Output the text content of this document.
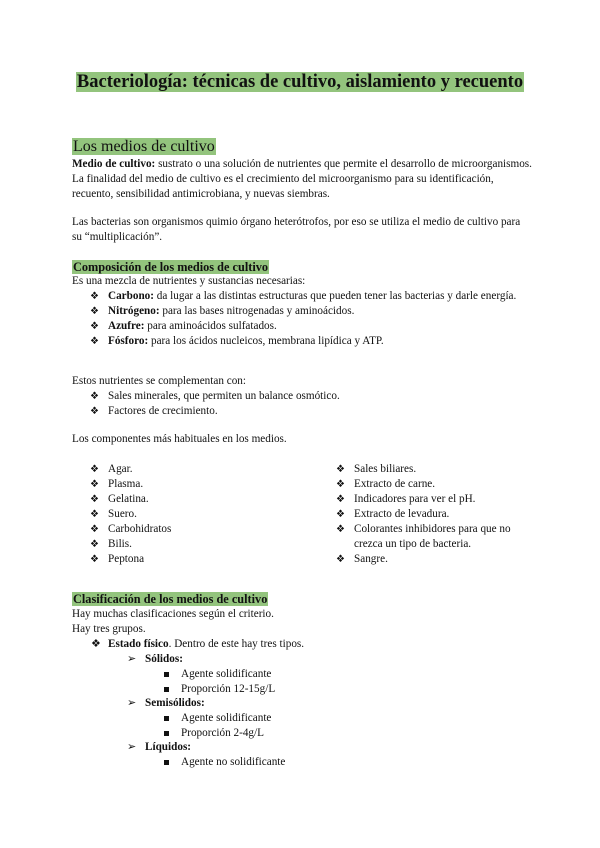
Bacteriología: técnicas de cultivo, aislamiento y recuento
Los medios de cultivo
Medio de cultivo: sustrato o una solución de nutrientes que permite el desarrollo de microorganismos. La finalidad del medio de cultivo es el crecimiento del microorganismo para su identificación, recuento, sensibilidad antimicrobiana, y nuevas siembras.
Las bacterias son organismos quimio órgano heterótrofos, por eso se utiliza el medio de cultivo para su “multiplicación”.
Composición de los medios de cultivo
Es una mezcla de nutrientes y sustancias necesarias:
❖ Carbono: da lugar a las distintas estructuras que pueden tener las bacterias y darle energía.
❖ Nitrógeno: para las bases nitrogenadas y aminoácidos.
❖ Azufre: para aminoácidos sulfatados.
❖ Fósforo: para los ácidos nucleicos, membrana lipídica y ATP.
Estos nutrientes se complementan con:
❖ Sales minerales, que permiten un balance osmótico.
❖ Factores de crecimiento.
Los componentes más habituales en los medios.
❖ Agar.
❖ Plasma.
❖ Gelatina.
❖ Suero.
❖ Carbohidratos
❖ Bilis.
❖ Peptona
❖ Sales biliares.
❖ Extracto de carne.
❖ Indicadores para ver el pH.
❖ Extracto de levadura.
❖ Colorantes inhibidores para que no crezca un tipo de bacteria.
❖ Sangre.
Clasificación de los medios de cultivo
Hay muchas clasificaciones según el criterio.
Hay tres grupos.
❖ Estado físico. Dentro de este hay tres tipos.
➢ Sólidos:
Agente solidificante
Proporción 12-15g/L
➢ Semisólidos:
Agente solidificante
Proporción 2-4g/L
➢ Líquidos:
Agente no solidificante
